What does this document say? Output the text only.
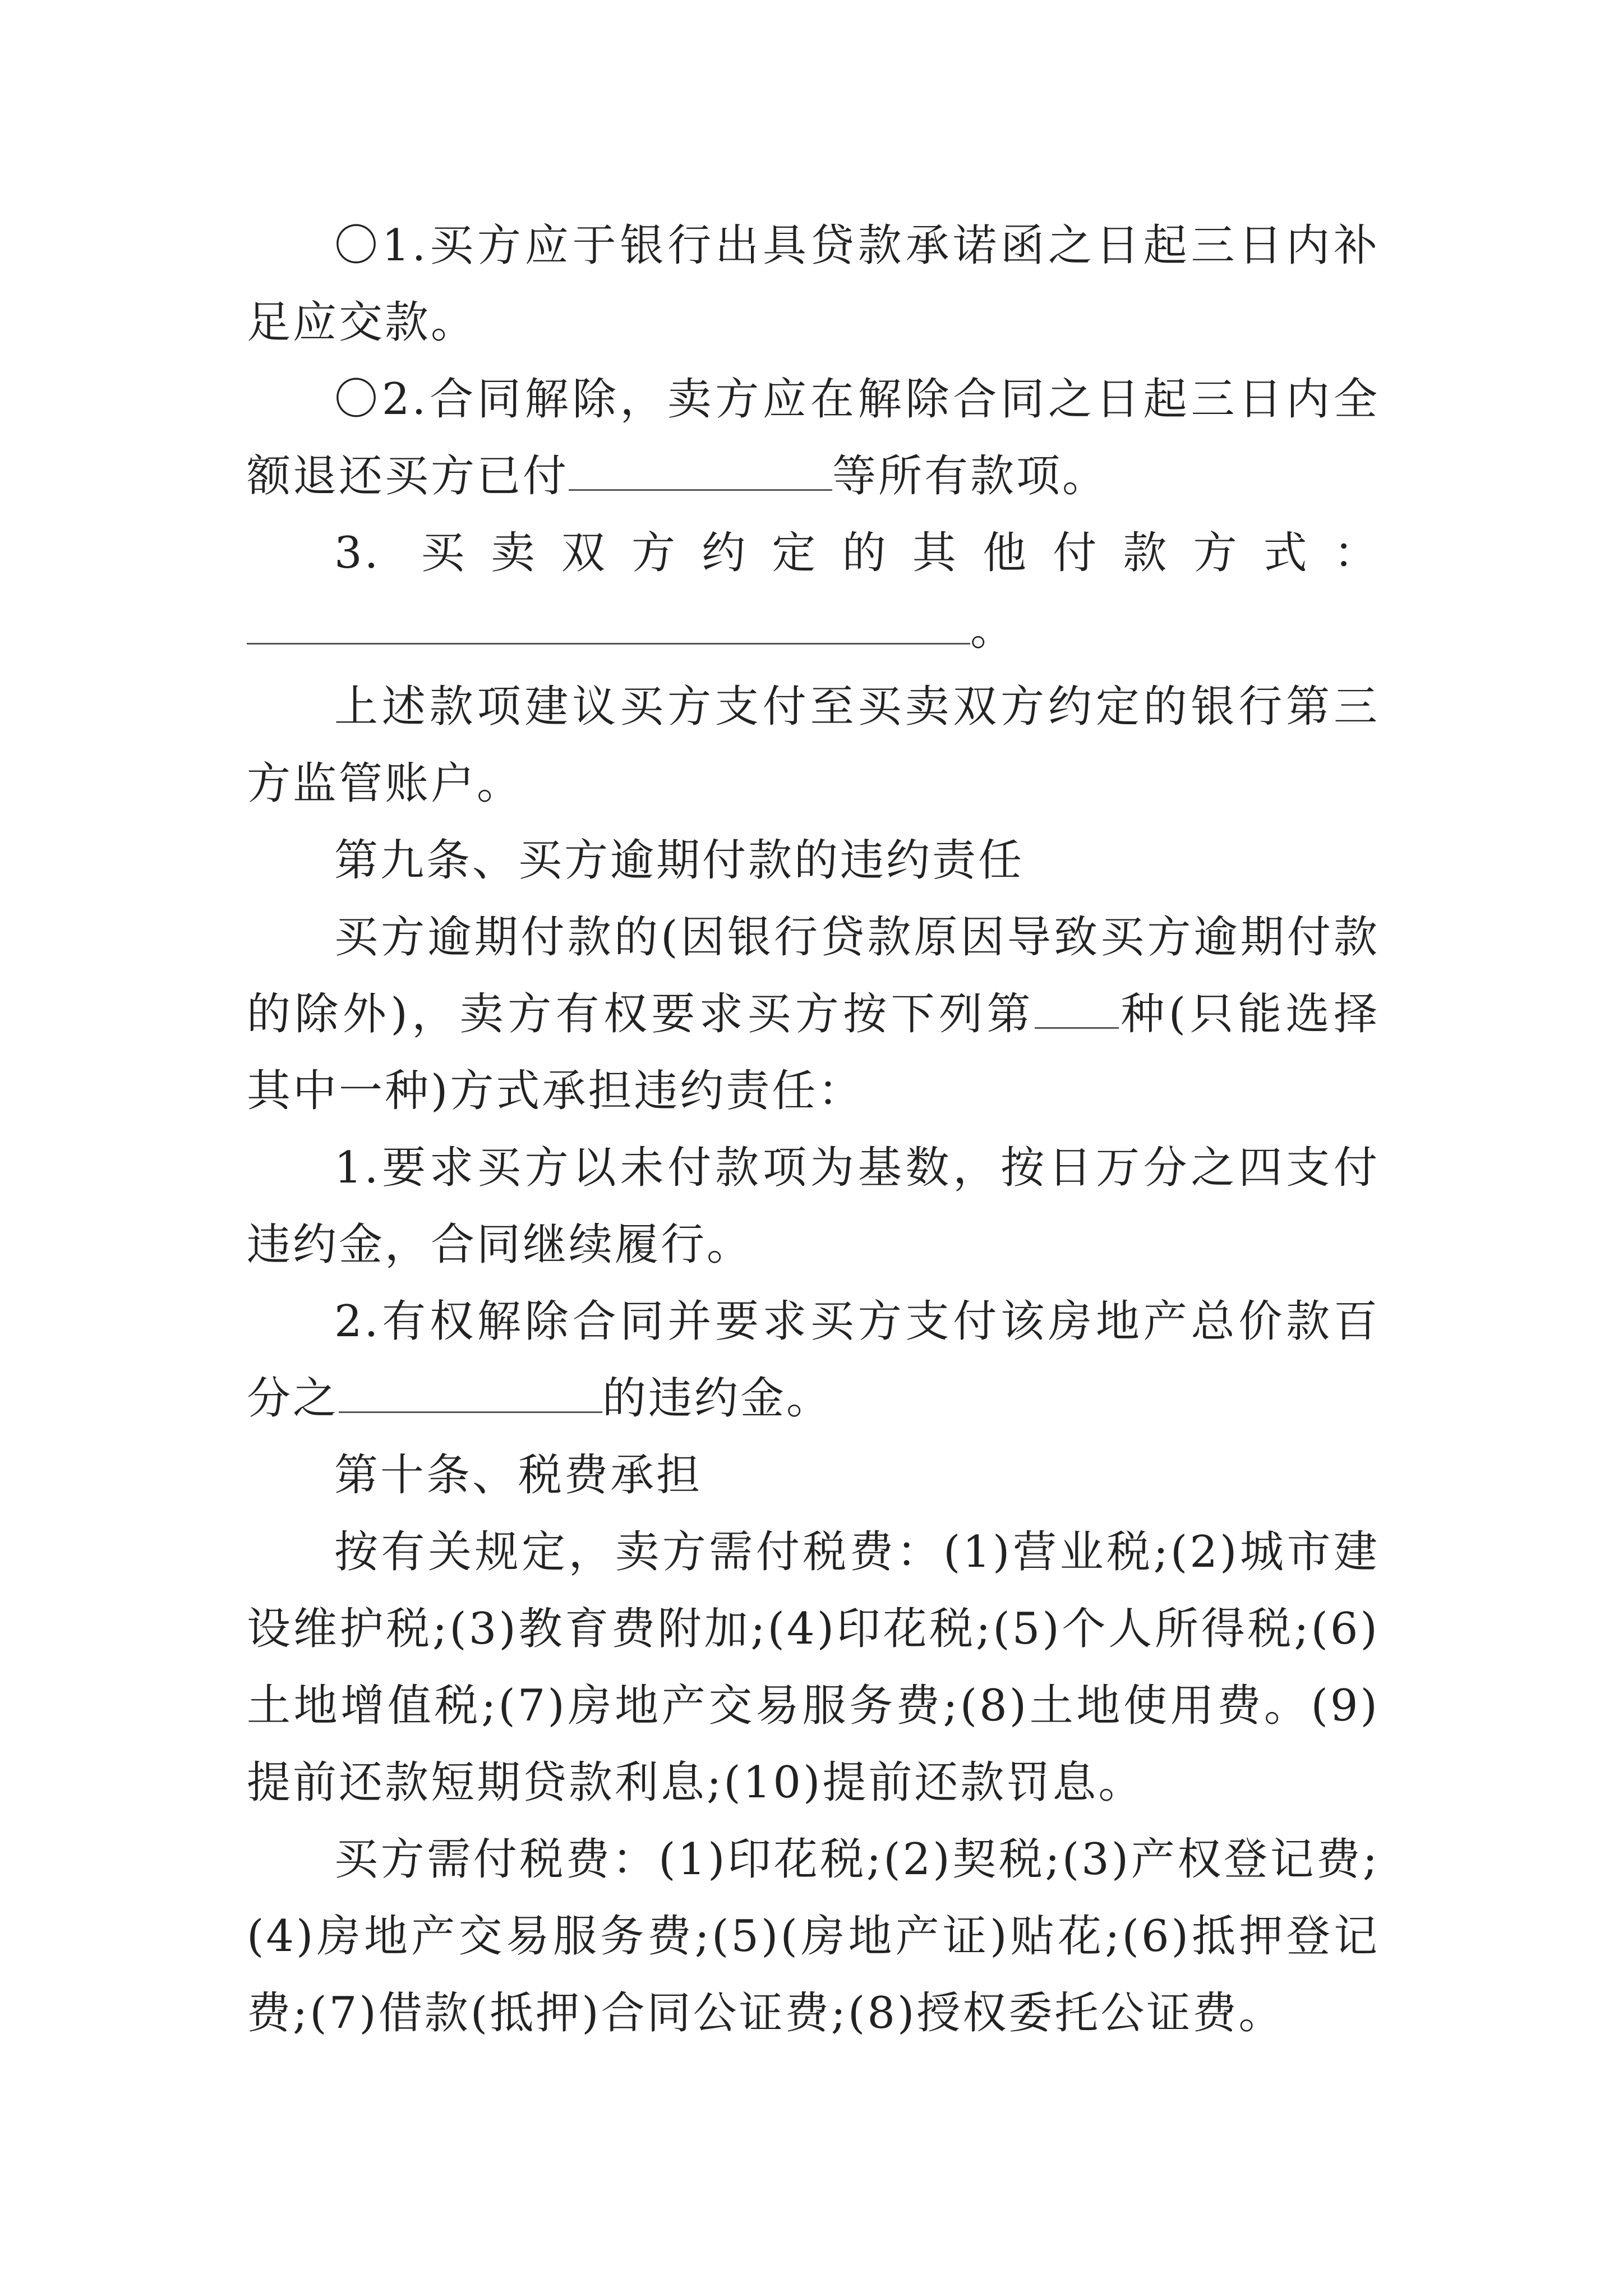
〇1.买方应于银行出具贷款承诺函之日起三日内补足应交款。

〇2.合同解除，卖方应在解除合同之日起三日内全额退还买方已付	等所有款项。

3. 买卖双方约定的其他付款方式：

。

上述款项建议买方支付至买卖双方约定的银行第三方监管账户。

第九条、买方逾期付款的违约责任

买方逾期付款的(因银行贷款原因导致买方逾期付款的除外)，卖方有权要求买方按下列第 种(只能选择其中一种)方式承担违约责任：

1.要求买方以未付款项为基数，按日万分之四支付违约金，合同继续履行。

2.有权解除合同并要求买方支付该房地产总价款百分之	的违约金。

第十条、税费承担

按有关规定，卖方需付税费：(1)营业税;(2)城市建设维护税;(3)教育费附加;(4)印花税;(5)个人所得税;(6)土地增值税;(7)房地产交易服务费;(8)土地使用费。(9)提前还款短期贷款利息;(10)提前还款罚息。

买方需付税费：(1)印花税;(2)契税;(3)产权登记费;(4)房地产交易服务费;(5)(房地产证)贴花;(6)抵押登记费;(7)借款(抵押)合同公证费;(8)授权委托公证费。
